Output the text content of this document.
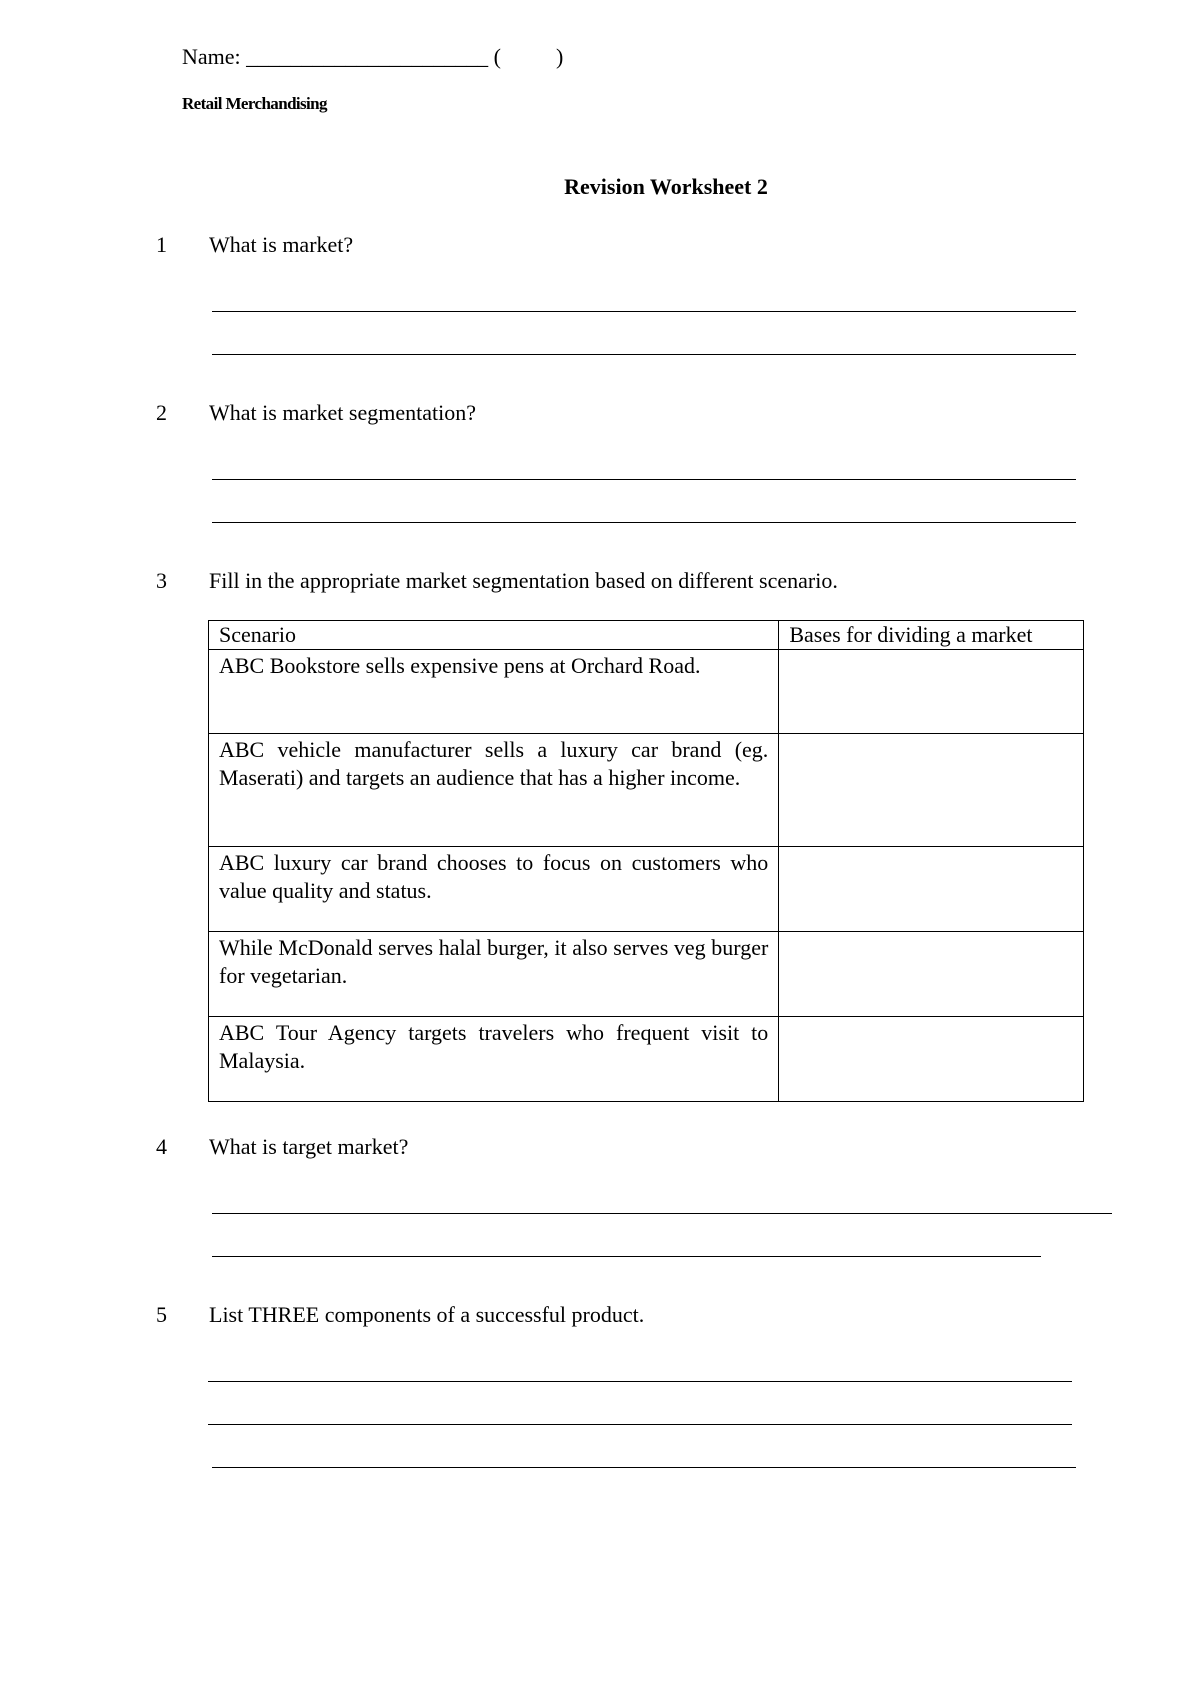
Name: ______________________ (          )
Retail Merchandising
Revision Worksheet 2
1 What is market?
2 What is market segmentation?
3 Fill in the appropriate market segmentation based on different scenario.
Scenario	Bases for dividing a market
ABC Bookstore sells expensive pens at Orchard Road.	
ABC vehicle manufacturer sells a luxury car brand (eg. Maserati) and targets an audience that has a higher income.	
ABC luxury car brand chooses to focus on customers who value quality and status.	
While McDonald serves halal burger, it also serves veg burger for vegetarian.	
ABC Tour Agency targets travelers who frequent visit to Malaysia.	
4 What is target market?
5 List THREE components of a successful product.
